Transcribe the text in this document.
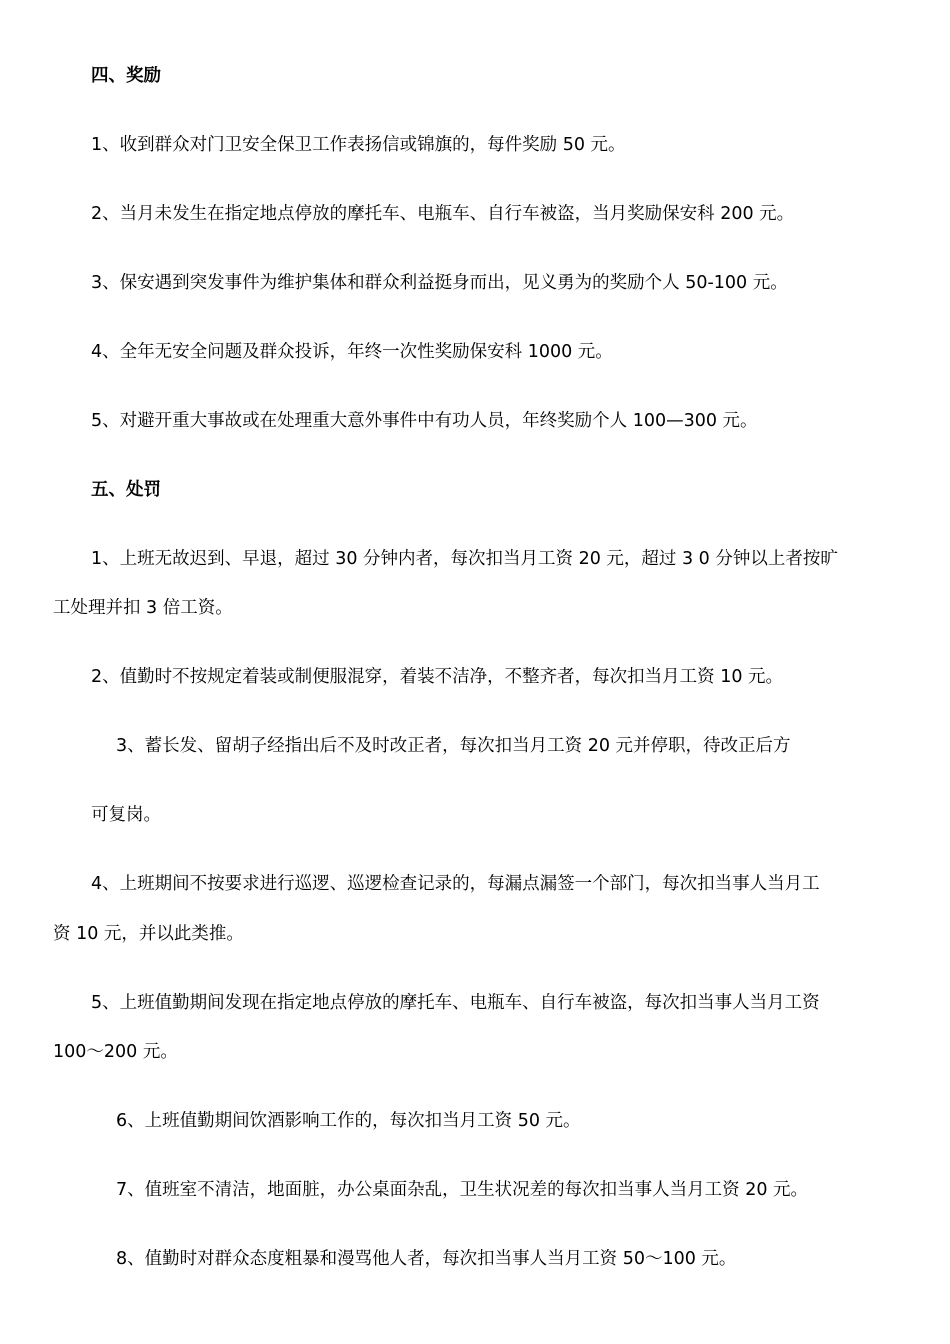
四、奖励
1、收到群众对门卫安全保卫工作表扬信或锦旗的，每件奖励 50 元。
2、当月未发生在指定地点停放的摩托车、电瓶车、自行车被盗，当月奖励保安科 200 元。
3、保安遇到突发事件为维护集体和群众利益挺身而出，见义勇为的奖励个人 50-100 元。
4、全年无安全问题及群众投诉，年终一次性奖励保安科 1000 元。
5、对避开重大事故或在处理重大意外事件中有功人员，年终奖励个人 100—300 元。
五、处罚
1、上班无故迟到、早退，超过 30 分钟内者，每次扣当月工资 20 元，超过 3 0 分钟以上者按旷
工处理并扣 3 倍工资。
2、值勤时不按规定着装或制便服混穿，着装不洁净，不整齐者，每次扣当月工资 10 元。
3、蓄长发、留胡子经指出后不及时改正者，每次扣当月工资 20 元并停职，待改正后方
可复岗。
4、上班期间不按要求进行巡逻、巡逻检查记录的，每漏点漏签一个部门，每次扣当事人当月工
资 10 元，并以此类推。
5、上班值勤期间发现在指定地点停放的摩托车、电瓶车、自行车被盗，每次扣当事人当月工资
100～200 元。
6、上班值勤期间饮酒影响工作的，每次扣当月工资 50 元。
7、值班室不清洁，地面脏，办公桌面杂乱，卫生状况差的每次扣当事人当月工资 20 元。
8、值勤时对群众态度粗暴和漫骂他人者，每次扣当事人当月工资 50～100 元。
